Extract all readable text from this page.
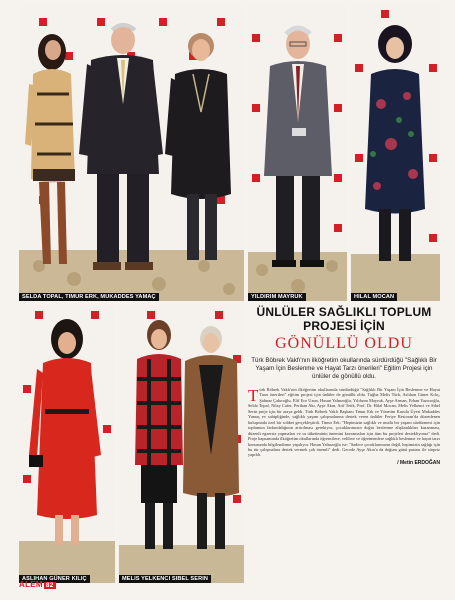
SELDA TOPAL, TIMUR ERK, MUKADDES YAMAÇ	YILDIRIM MAYRUK	HILAL MOCAN
ASLIHAN GÜNER KILIÇ	MELIS YELKENCI SIBEL SERIN
ÜNLÜLER SAĞLIKLI TOPLUM
PROJESİ İÇİN
GÖNÜLLÜ OLDU
Türk Böbrek Vakfı'nın ilköğretim okullarında sürdürdüğü "Sağlıklı Bir Yaşam İçin Beslenme ve Hayat Tarzı önerileri" Eğitim Projesi için ünlüler de gönüllü oldu.
Türk Böbrek Vakfı'nın ilköğretim okullarında sürdürdüğü "Sağlıklı Bir Yaşam İçin Beslenme ve Hayat Tarzı önerileri" eğitim projesi için ünlüler de gönüllü oldu. Tuğba Melis Türk, Aslıhan Güner Kılıç, Şahnaz Çakıroğlu, Elif Ece Uzun, Hasan Yalnızoğlu, Yıldırım Mayruk, Ayşe Arman, Erhan Yazıcıoğlu, Selda Topal, Nilay Cafer, Perihan Akı, Ayşe Akın, Arif Tetik, Prof. Dr. Hilal Mocan, Melis Yelkenci ve Sibel Serin proje için bir araya geldi. Türk Böbrek Vakfı Başkanı Timur Erk ve Yönetim Kurulu Üyesi Mukaddes Yamaç ev sahipliğinde, sağlıklı yaşam çalışmalarına destek veren ünlüler Feriye Restoran'da düzenlenen buluşmada özel bir sohbet gerçekleştirdi. Timur Erk: "Hepimizin sağlıklı ve mutlu bir yaşam sürdürmesi için toplumun farkındalığının artırılması gerekiyor, çocuklarımızın doğru beslenme alışkanlıkları kazanması, düzenli egzersiz yapmaları ve su tüketiminin önemini kavramaları için tüm bu projeleri destekliyoruz" dedi. Proje kapsamında ilköğretim okullarında öğrencilere, velilere ve öğretmenlere sağlıklı beslenme ve hayat tarzı konusunda bilgilendirme yapılıyor. Hasan Yalnızoğlu ise: "Sadece çocuklarımızın değil, hepimizin sağlığı için bu tür çalışmalara destek vermek çok önemli" dedi. Gecede Ayşe Akın'a da doğum günü pastası ile sürpriz yapıldı.
/ Metin ERDOĞAN
ALEM 82
